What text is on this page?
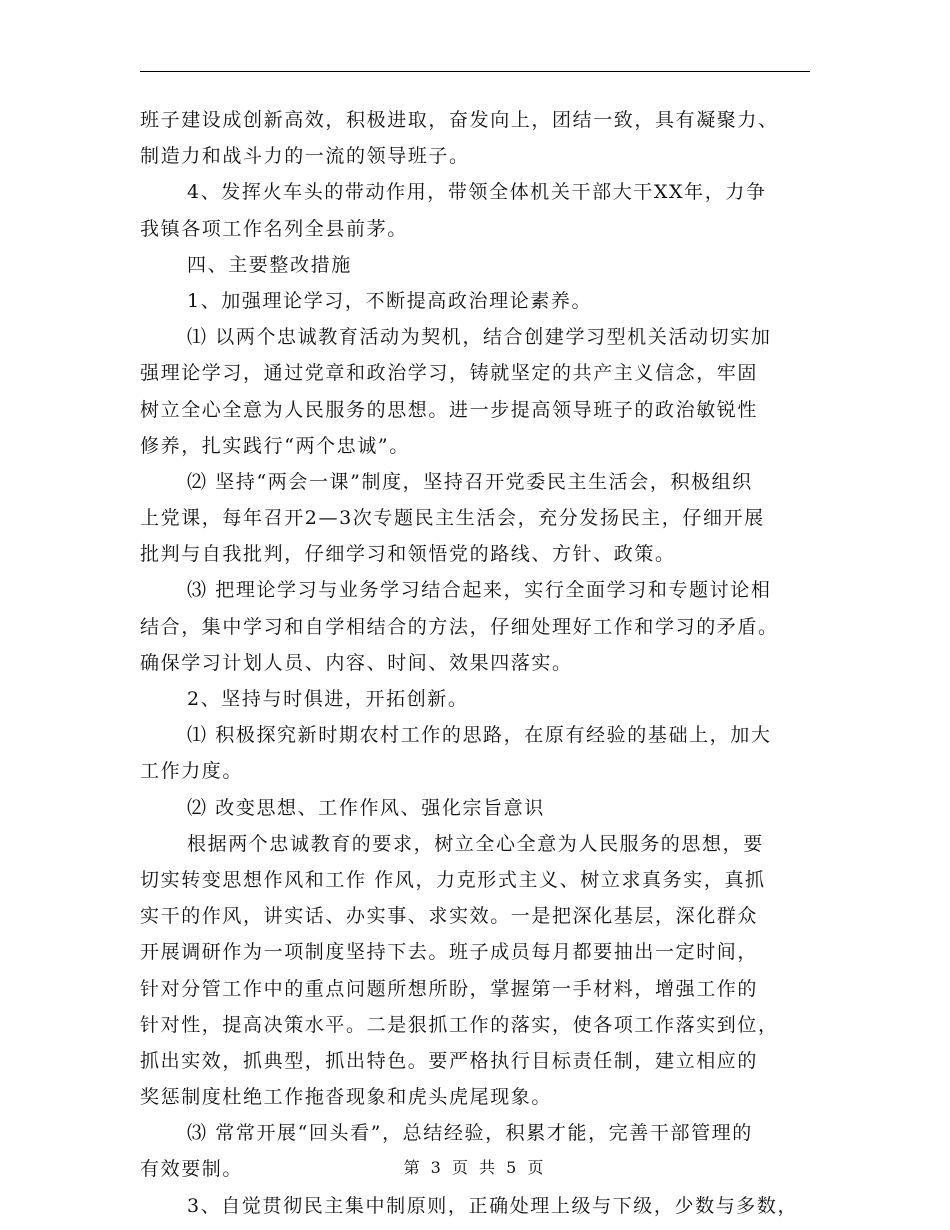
班子建设成创新高效，积极进取，奋发向上，团结一致，具有凝聚力、
制造力和战斗力的一流的领导班子。
4、发挥火车头的带动作用，带领全体机关干部大干XX年，力争
我镇各项工作名列全县前茅。
四、主要整改措施
1、加强理论学习，不断提高政治理论素养。
⑴ 以两个忠诚教育活动为契机，结合创建学习型机关活动切实加
强理论学习，通过党章和政治学习，铸就坚定的共产主义信念，牢固
树立全心全意为人民服务的思想。进一步提高领导班子的政治敏锐性
修养，扎实践行“两个忠诚”。
⑵ 坚持“两会一课”制度，坚持召开党委民主生活会，积极组织
上党课，每年召开2—3次专题民主生活会，充分发扬民主，仔细开展
批判与自我批判，仔细学习和领悟党的路线、方针、政策。
⑶ 把理论学习与业务学习结合起来，实行全面学习和专题讨论相
结合，集中学习和自学相结合的方法，仔细处理好工作和学习的矛盾。
确保学习计划人员、内容、时间、效果四落实。
2、坚持与时俱进，开拓创新。
⑴ 积极探究新时期农村工作的思路，在原有经验的基础上，加大
工作力度。
⑵ 改变思想、工作作风、强化宗旨意识
根据两个忠诚教育的要求，树立全心全意为人民服务的思想，要
切实转变思想作风和工作 作风，力克形式主义、树立求真务实，真抓
实干的作风，讲实话、办实事、求实效。一是把深化基层，深化群众
开展调研作为一项制度坚持下去。班子成员每月都要抽出一定时间，
针对分管工作中的重点问题所想所盼，掌握第一手材料，增强工作的
针对性，提高决策水平。二是狠抓工作的落实，使各项工作落实到位，
抓出实效，抓典型，抓出特色。要严格执行目标责任制，建立相应的
奖惩制度杜绝工作拖沓现象和虎头虎尾现象。
⑶ 常常开展“回头看”，总结经验，积累才能，完善干部管理的
有效要制。
3、自觉贯彻民主集中制原则，正确处理上级与下级，少数与多数，
第 3 页 共 5 页
